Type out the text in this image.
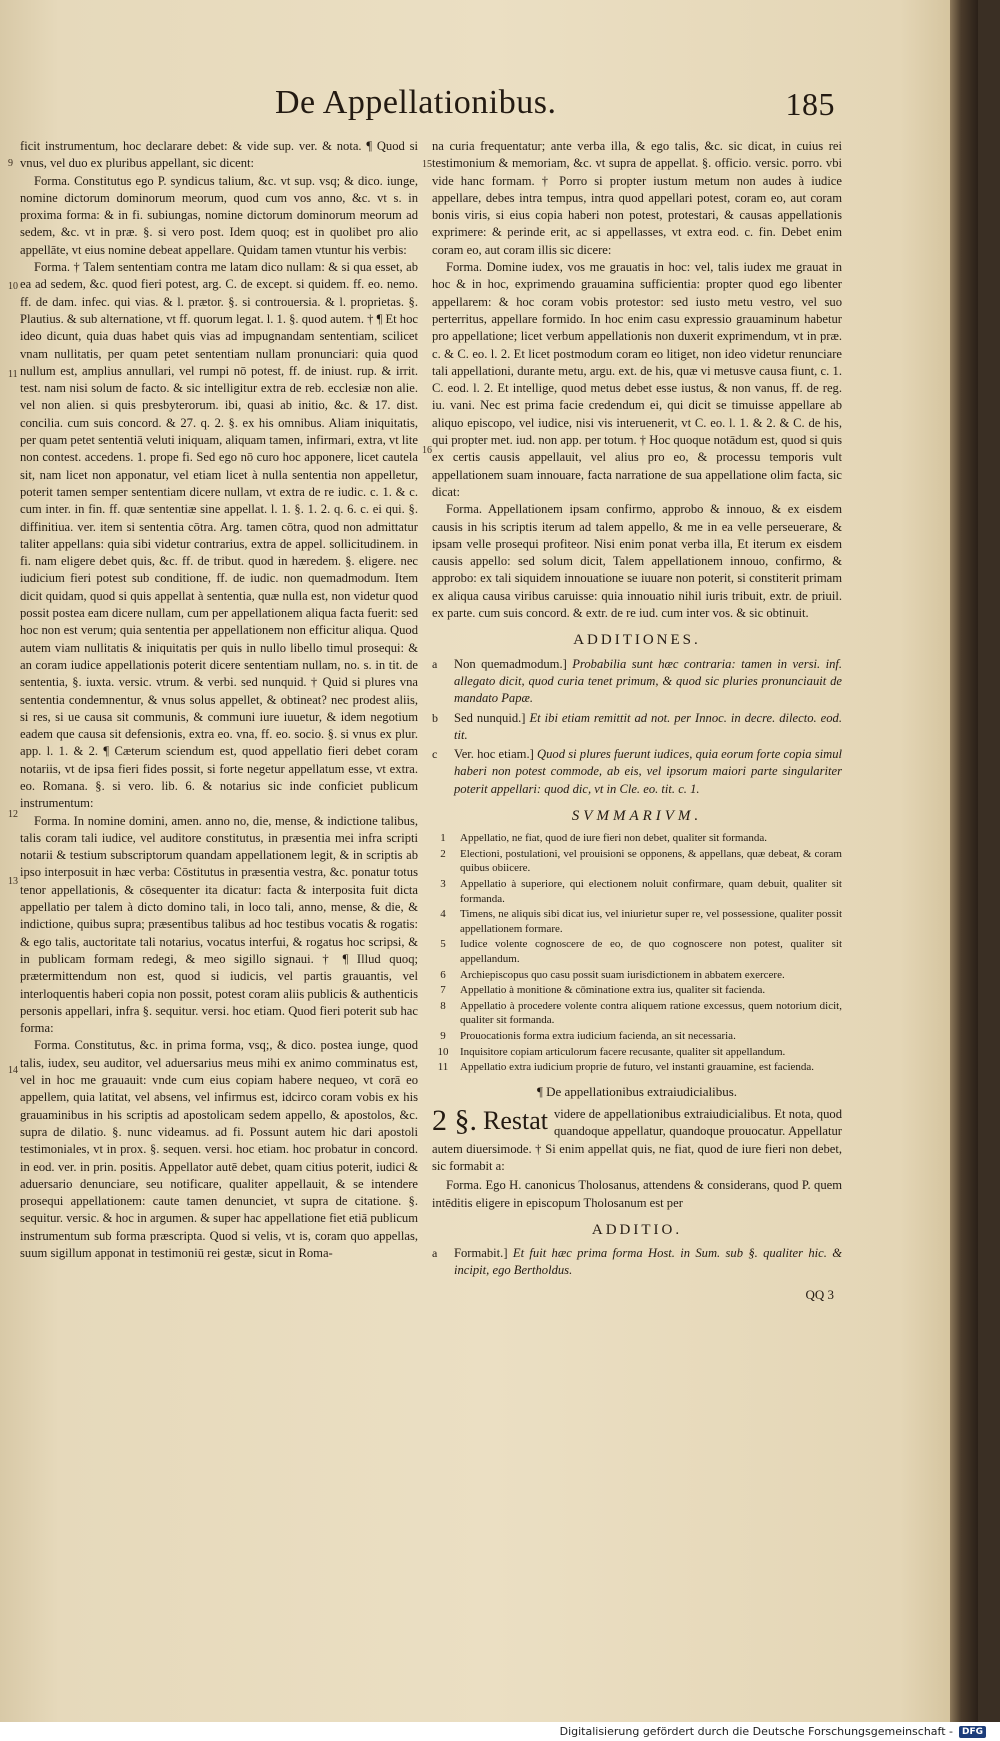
De Appellationibus.	185
9
10
11
12
13
14

ficit instrumentum, hoc declarare debet: & vide sup. ver. & nota. ¶ Quod si vnus, vel duo ex pluribus appellant, sic dicent:

Forma. Constitutus ego P. syndicus talium, &c. vt sup. vsq; & dico. iunge, nomine dictorum dominorum meorum, quod cum vos anno, &c. vt s. in proxima forma: & in fi. subiungas, nomine dictorum dominorum meorum ad sedem, &c. vt in præ. §. si vero post. Idem quoq; est in quolibet pro alio appellāte, vt eius nomine debeat appellare. Quidam tamen vtuntur his verbis:

Forma. † Talem sententiam contra me latam dico nullam: & si qua esset, ab ea ad sedem, &c. quod fieri potest, arg. C. de except. si quidem. ff. eo. nemo. ff. de dam. infec. qui vias. & l. prætor. §. si controuersia. & l. proprietas. §. Plautius. & sub alternatione, vt ff. quorum legat. l. 1. §. quod autem. † ¶ Et hoc ideo dicunt, quia duas habet quis vias ad impugnandam sententiam, scilicet vnam nullitatis, per quam petet sententiam nullam pronunciari: quia quod nullum est, amplius annullari, vel rumpi nō potest, ff. de iniust. rup. & irrit. test. nam nisi solum de facto. & sic intelligitur extra de reb. ecclesiæ non alie. vel non alien. si quis presbyterorum. ibi, quasi ab initio, &c. & 17. dist. concilia. cum suis concord. & 27. q. 2. §. ex his omnibus. Aliam iniquitatis, per quam petet sententiā veluti iniquam, aliquam tamen, infirmari, extra, vt lite non contest. accedens. 1. prope fi. Sed ego nō curo hoc apponere, licet cautela sit, nam licet non apponatur, vel etiam licet à nulla sententia non appelletur, poterit tamen semper sententiam dicere nullam, vt extra de re iudic. c. 1. & c. cum inter. in fin. ff. quæ sententiæ sine appellat. l. 1. §. 1. 2. q. 6. c. ei qui. §. diffinitiua. ver. item si sententia cōtra. Arg. tamen cōtra, quod non admittatur taliter appellans: quia sibi videtur contrarius, extra de appel. sollicitudinem. in fi. nam eligere debet quis, &c. ff. de tribut. quod in hæredem. §. eligere. nec iudicium fieri potest sub conditione, ff. de iudic. non quemadmodum. Item dicit quidam, quod si quis appellat à sententia, quæ nulla est, non videtur quod possit postea eam dicere nullam, cum per appellationem aliqua facta fuerit: sed hoc non est verum; quia sententia per appellationem non efficitur aliqua. Quod autem viam nullitatis & iniquitatis per quis in nullo libello timul prosequi: & an coram iudice appellationis poterit dicere sententiam nullam, no. s. in tit. de sententia, §. iuxta. versic. vtrum. & verbi. sed nunquid. † Quid si plures vna sententia condemnentur, & vnus solus appellet, & obtineat? nec prodest aliis, si res, si ue causa sit communis, & communi iure iuuetur, & idem negotium eadem que causa sit defensionis, extra eo. vna, ff. eo. socio. §. si vnus ex plur. app. l. 1. & 2. ¶ Cæterum sciendum est, quod appellatio fieri debet coram notariis, vt de ipsa fieri fides possit, si forte negetur appellatum esse, vt extra. eo. Romana. §. si vero. lib. 6. & notarius sic inde conficiet publicum instrumentum:

Forma. In nomine domini, amen. anno no, die, mense, & indictione talibus, talis coram tali iudice, vel auditore constitutus, in præsentia mei infra scripti notarii & testium subscriptorum quandam appellationem legit, & in scriptis ab ipso interposuit in hæc verba: Cōstitutus in præsentia vestra, &c. ponatur totus tenor appellationis, & cōsequenter ita dicatur: facta & interposita fuit dicta appellatio per talem à dicto domino tali, in loco tali, anno, mense, & die, & indictione, quibus supra; præsentibus talibus ad hoc testibus vocatis & rogatis: & ego talis, auctoritate tali notarius, vocatus interfui, & rogatus hoc scripsi, & in publicam formam redegi, & meo sigillo signaui. † ¶ Illud quoq; prætermittendum non est, quod si iudicis, vel partis grauantis, vel interloquentis haberi copia non possit, potest coram aliis publicis & authenticis personis appellari, infra §. sequitur. versi. hoc etiam. Quod fieri poterit sub hac forma:

Forma. Constitutus, &c. in prima forma, vsq;, & dico. postea iunge, quod talis, iudex, seu auditor, vel aduersarius meus mihi ex animo comminatus est, vel in hoc me grauauit: vnde cum eius copiam habere nequeo, vt corā eo appellem, quia latitat, vel absens, vel infirmus est, idcirco coram vobis ex his grauaminibus in his scriptis ad apostolicam sedem appello, & apostolos, &c. supra de dilatio. §. nunc videamus. ad fi. Possunt autem hic dari apostoli testimoniales, vt in prox. §. sequen. versi. hoc etiam. hoc probatur in concord. in eod. ver. in prin. positis. Appellator autē debet, quam citius poterit, iudici & aduersario denunciare, seu notificare, qualiter appellauit, & se intendere prosequi appellationem: caute tamen denunciet, vt supra de citatione. §. sequitur. versic. & hoc in argumen. & super hac appellatione fiet etiā publicum instrumentum sub forma præscripta. Quod si velis, vt is, coram quo appellas, suum sigillum apponat in testimoniū rei gestæ, sicut in Roma-

15
16

na curia frequentatur; ante verba illa, & ego talis, &c. sic dicat, in cuius rei testimonium & memoriam, &c. vt supra de appellat. §. officio. versic. porro. vbi vide hanc formam. † Porro si propter iustum metum non audes à iudice appellare, debes intra tempus, intra quod appellari potest, coram eo, aut coram bonis viris, si eius copia haberi non potest, protestari, & causas appellationis exprimere: & perinde erit, ac si appellasses, vt extra eod. c. fin. Debet enim coram eo, aut coram illis sic dicere:

Forma. Domine iudex, vos me grauatis in hoc: vel, talis iudex me grauat in hoc & in hoc, exprimendo grauamina sufficientia: propter quod ego libenter appellarem: & hoc coram vobis protestor: sed iusto metu vestro, vel suo perterritus, appellare formido. In hoc enim casu expressio grauaminum habetur pro appellatione; licet verbum appellationis non duxerit exprimendum, vt in præ. c. & C. eo. l. 2. Et licet postmodum coram eo litiget, non ideo videtur renunciare tali appellationi, durante metu, argu. ext. de his, quæ vi metusve causa fiunt, c. 1. C. eod. l. 2. Et intellige, quod metus debet esse iustus, & non vanus, ff. de reg. iu. vani. Nec est prima facie credendum ei, qui dicit se timuisse appellare ab aliquo episcopo, vel iudice, nisi vis interuenerit, vt C. eo. l. 1. & 2. & C. de his, qui propter met. iud. non app. per totum. † Hoc quoque notādum est, quod si quis ex certis causis appellauit, vel alius pro eo, & processu temporis vult appellationem suam innouare, facta narratione de sua appellatione olim facta, sic dicat:

Forma. Appellationem ipsam confirmo, approbo & innouo, & ex eisdem causis in his scriptis iterum ad talem appello, & me in ea velle perseuerare, & ipsam velle prosequi profiteor. Nisi enim ponat verba illa, Et iterum ex eisdem causis appello: sed solum dicit, Talem appellationem innouo, confirmo, & approbo: ex tali siquidem innouatione se iuuare non poterit, si constiterit primam ex aliqua causa viribus caruisse: quia innouatio nihil iuris tribuit, extr. de priuil. ex parte. cum suis concord. & extr. de re iud. cum inter vos. & sic obtinuit.

ADDITIONES.
a Non quemadmodum.] Probabilia sunt hæc contraria: tamen in versi. inf. allegato dicit, quod curia tenet primum, & quod sic pluries pronunciauit de mandato Papæ.
b Sed nunquid.] Et ibi etiam remittit ad not. per Innoc. in decre. dilecto. eod. tit.
c Ver. hoc etiam.] Quod si plures fuerunt iudices, quia eorum forte copia simul haberi non potest commode, ab eis, vel ipsorum maiori parte singulariter poterit appellari: quod dic, vt in Cle. eo. tit. c. 1.
SVMMARIVM.
1	Appellatio, ne fiat, quod de iure fieri non debet, qualiter sit formanda.
2	Electioni, postulationi, vel prouisioni se opponens, & appellans, quæ debeat, & coram quibus obiicere.
3	Appellatio à superiore, qui electionem noluit confirmare, quam debuit, qualiter sit formanda.
4	Timens, ne aliquis sibi dicat ius, vel iniurietur super re, vel possessione, qualiter possit appellationem formare.
5	Iudice volente cognoscere de eo, de quo cognoscere non potest, qualiter sit appellandum.
6	Archiepiscopus quo casu possit suam iurisdictionem in abbatem exercere.
7	Appellatio à monitione & cōminatione extra ius, qualiter sit facienda.
8	Appellatio à procedere volente contra aliquem ratione excessus, quem notorium dicit, qualiter sit formanda.
9	Prouocationis forma extra iudicium facienda, an sit necessaria.
10	Inquisitore copiam articulorum facere recusante, qualiter sit appellandum.
11	Appellatio extra iudicium proprie de futuro, vel instanti grauamine, est facienda.
¶ De appellationibus extraiudicialibus.
2 §. Restat videre de appellationibus extraiudicialibus. Et nota, quod quandoque appellatur, quandoque prouocatur. Appellatur autem diuersimode. † Si enim appellat quis, ne fiat, quod de iure fieri non debet, sic formabit a:

Forma. Ego H. canonicus Tholosanus, attendens & considerans, quod P. quem intēditis eligere in episcopum Tholosanum est per

ADDITIO.
a Formabit.] Et fuit hæc prima forma Host. in Sum. sub §. qualiter hic. & incipit, ego Bertholdus.
QQ 3
Digitalisierung gefördert durch die Deutsche Forschungsgemeinschaft -	DFG
